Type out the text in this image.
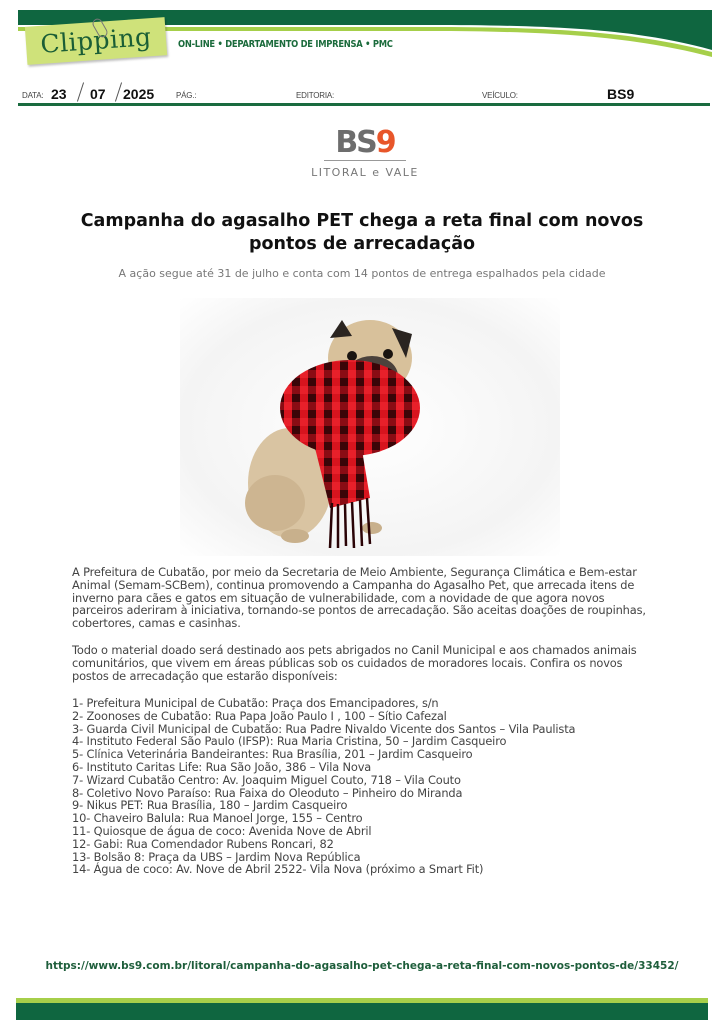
Clipping	ON-LINE • DEPARTAMENTO DE IMPRENSA • PMC
DATA: 23 07 2025	PÁG.:	EDITORIA:	VEÍCULO:	BS9
BS9
LITORAL e VALE
Campanha do agasalho PET chega a reta final com novos pontos de arrecadação
A ação segue até 31 de julho e conta com 14 pontos de entrega espalhados pela cidade
A Prefeitura de Cubatão, por meio da Secretaria de Meio Ambiente, Segurança Climática e Bem-estar Animal (Semam-SCBem), continua promovendo a Campanha do Agasalho Pet, que arrecada itens de inverno para cães e gatos em situação de vulnerabilidade, com a novidade de que agora novos parceiros aderiram à iniciativa, tornando-se pontos de arrecadação. São aceitas doações de roupinhas, cobertores, camas e casinhas.
Todo o material doado será destinado aos pets abrigados no Canil Municipal e aos chamados animais comunitários, que vivem em áreas públicas sob os cuidados de moradores locais. Confira os novos postos de arrecadação que estarão disponíveis:
1- Prefeitura Municipal de Cubatão: Praça dos Emancipadores, s/n
2- Zoonoses de Cubatão: Rua Papa João Paulo I , 100 – Sítio Cafezal
3- Guarda Civil Municipal de Cubatão: Rua Padre Nivaldo Vicente dos Santos – Vila Paulista
4- Instituto Federal São Paulo (IFSP): Rua Maria Cristina, 50 – Jardim Casqueiro
5- Clínica Veterinária Bandeirantes: Rua Brasília, 201 – Jardim Casqueiro
6- Instituto Caritas Life: Rua São João, 386 – Vila Nova
7- Wizard Cubatão Centro: Av. Joaquim Miguel Couto, 718 – Vila Couto
8- Coletivo Novo Paraíso: Rua Faixa do Oleoduto – Pinheiro do Miranda
9- Nikus PET: Rua Brasília, 180 – Jardim Casqueiro
10- Chaveiro Balula: Rua Manoel Jorge, 155 – Centro
11- Quiosque de água de coco: Avenida Nove de Abril
12- Gabi: Rua Comendador Rubens Roncari, 82
13- Bolsão 8: Praça da UBS – Jardim Nova República
14- Água de coco: Av. Nove de Abril 2522- Vila Nova (próximo a Smart Fit)
https://www.bs9.com.br/litoral/campanha-do-agasalho-pet-chega-a-reta-final-com-novos-pontos-de/33452/
